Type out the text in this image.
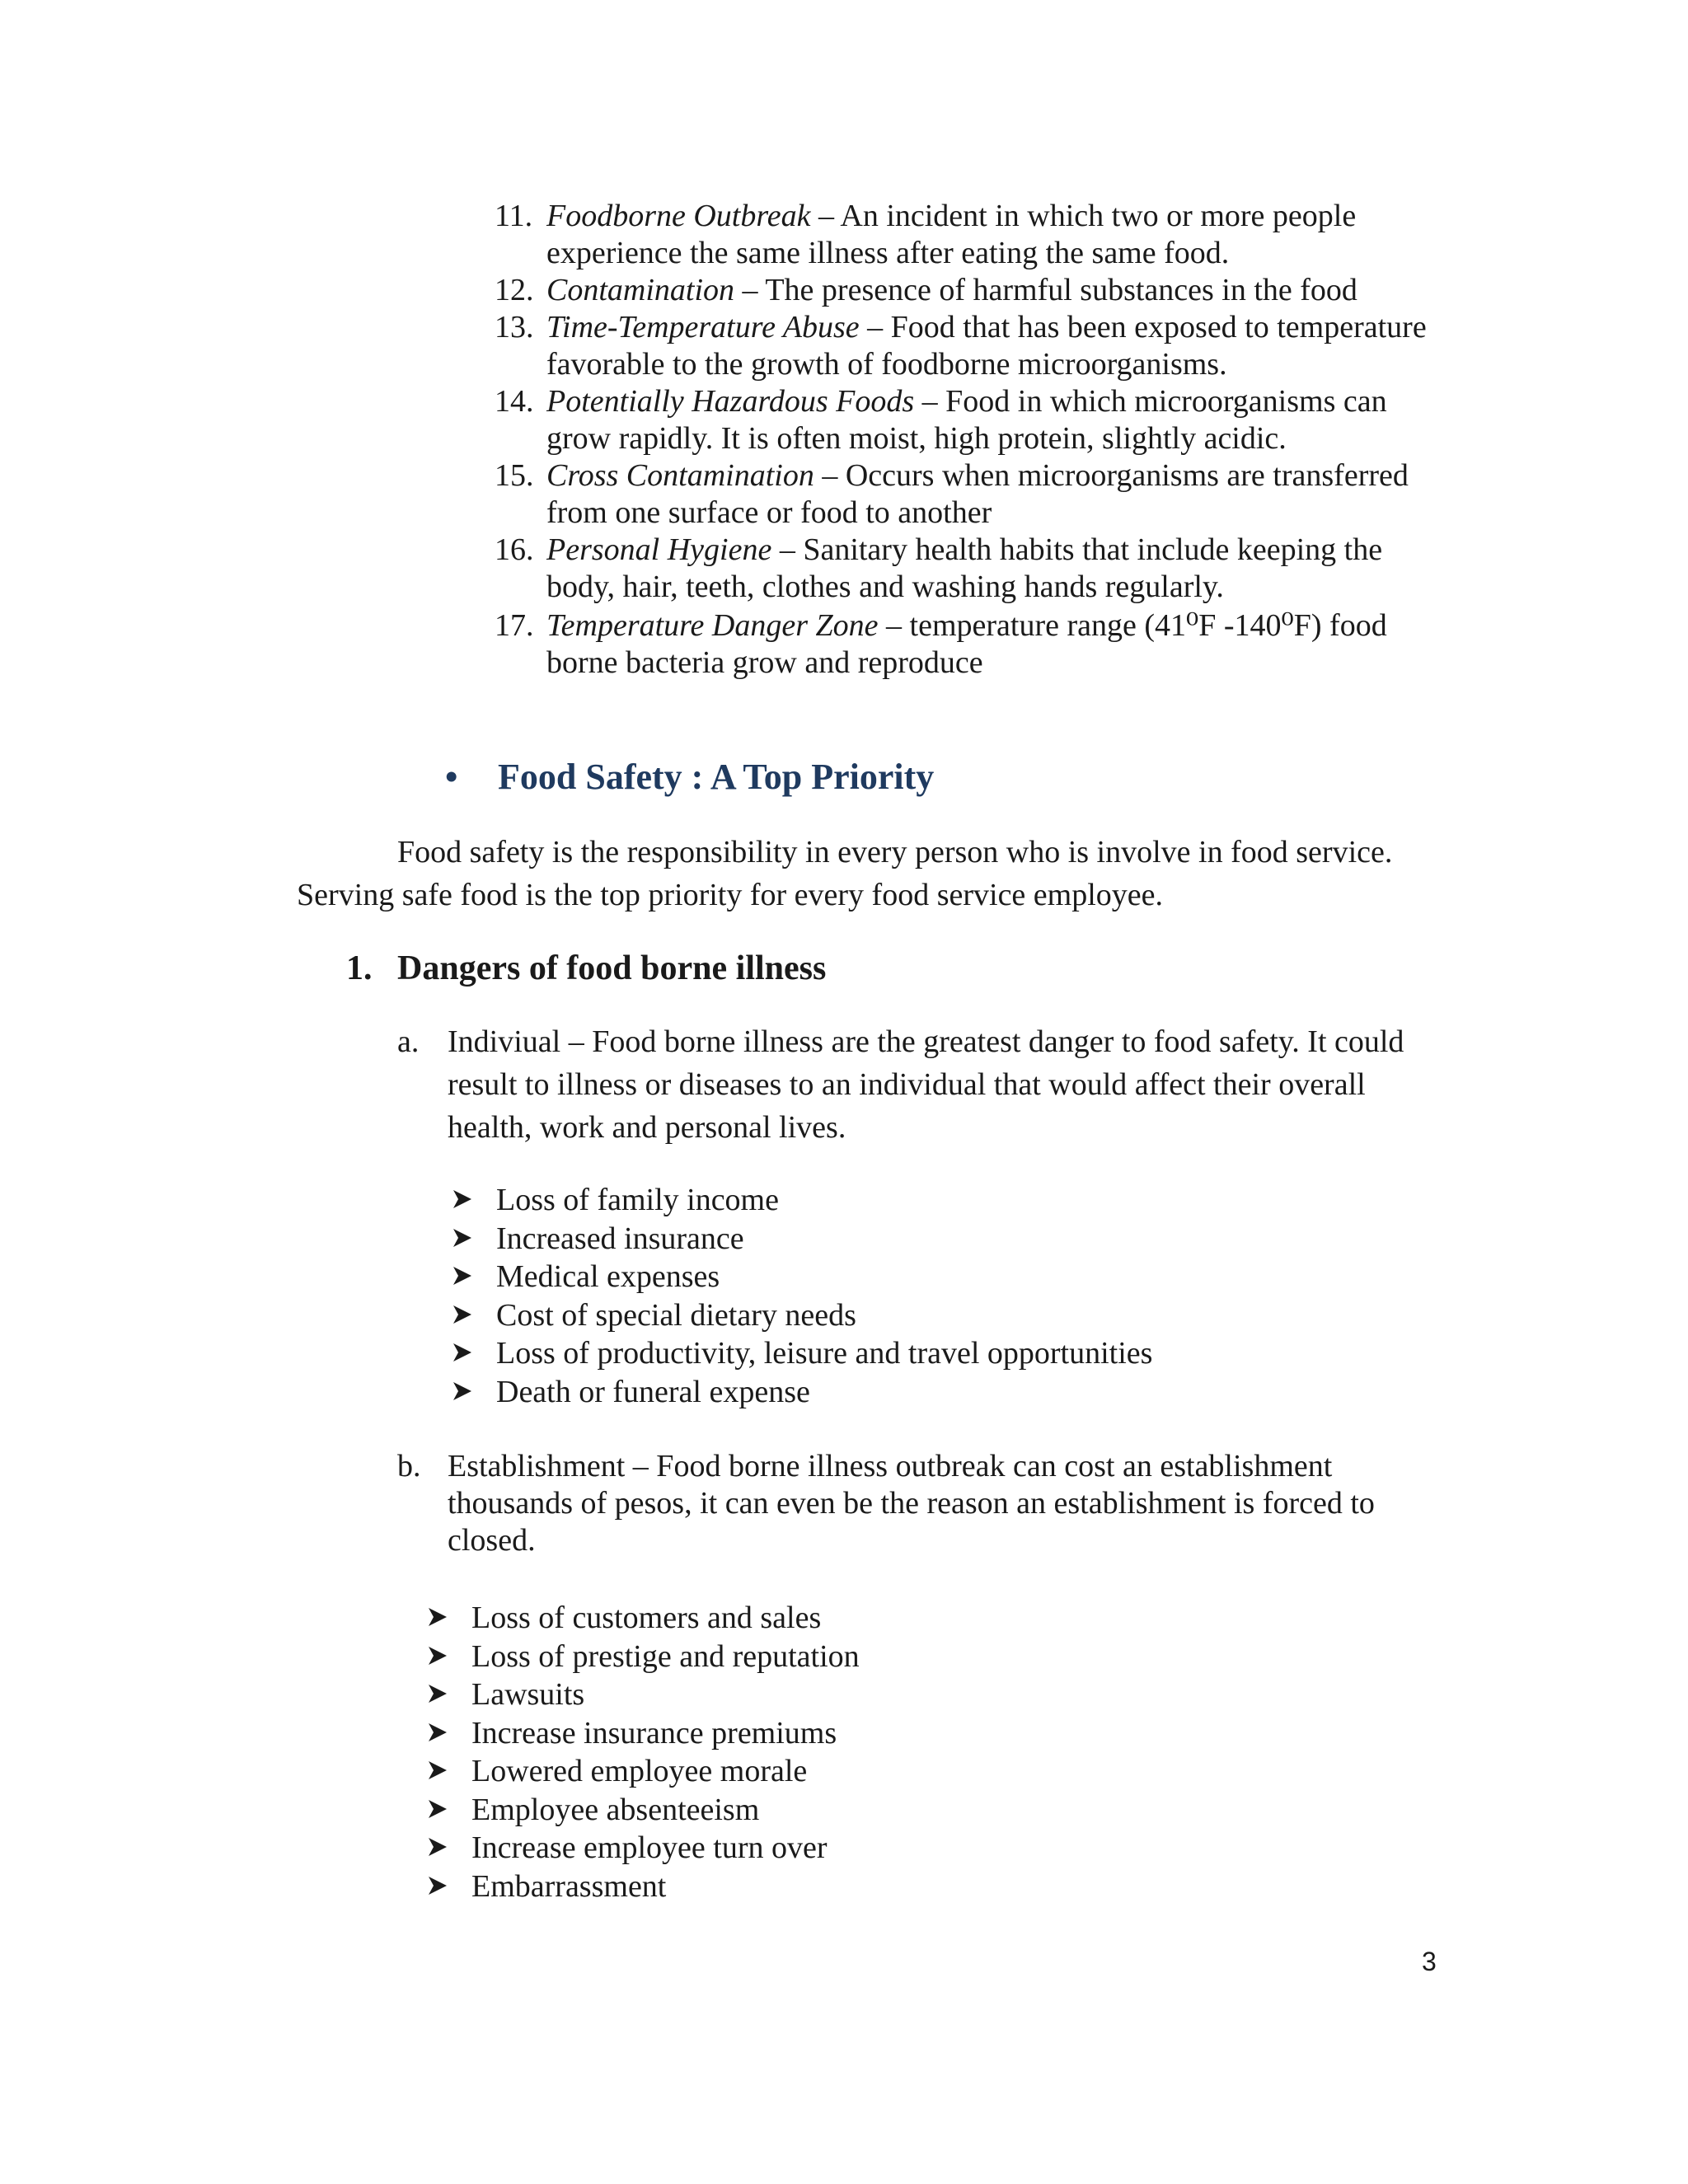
11. Foodborne Outbreak – An incident in which two or more people experience the same illness after eating the same food.
12. Contamination – The presence of harmful substances in the food
13. Time-Temperature Abuse – Food that has been exposed to temperature favorable to the growth of foodborne microorganisms.
14. Potentially Hazardous Foods – Food in which microorganisms can grow rapidly. It is often moist, high protein, slightly acidic.
15. Cross Contamination – Occurs when microorganisms are transferred from one surface or food to another
16. Personal Hygiene – Sanitary health habits that include keeping the body, hair, teeth, clothes and washing hands regularly.
17. Temperature Danger Zone – temperature range (41⁰F -140⁰F) food borne bacteria grow and reproduce
• Food Safety : A Top Priority
Food safety is the responsibility in every person who is involve in food service.
Serving safe food is the top priority for every food service employee.
1. Dangers of food borne illness
a. Indiviual – Food borne illness are the greatest danger to food safety. It could result to illness or diseases to an individual that would affect their overall health, work and personal lives.
Loss of family income
Increased insurance
Medical expenses
Cost of special dietary needs
Loss of productivity, leisure and travel opportunities
Death or funeral expense
b. Establishment – Food borne illness outbreak can cost an establishment thousands of pesos, it can even be the reason an establishment is forced to closed.
Loss of customers and sales
Loss of prestige and reputation
Lawsuits
Increase insurance premiums
Lowered employee morale
Employee absenteeism
Increase employee turn over
Embarrassment
3
